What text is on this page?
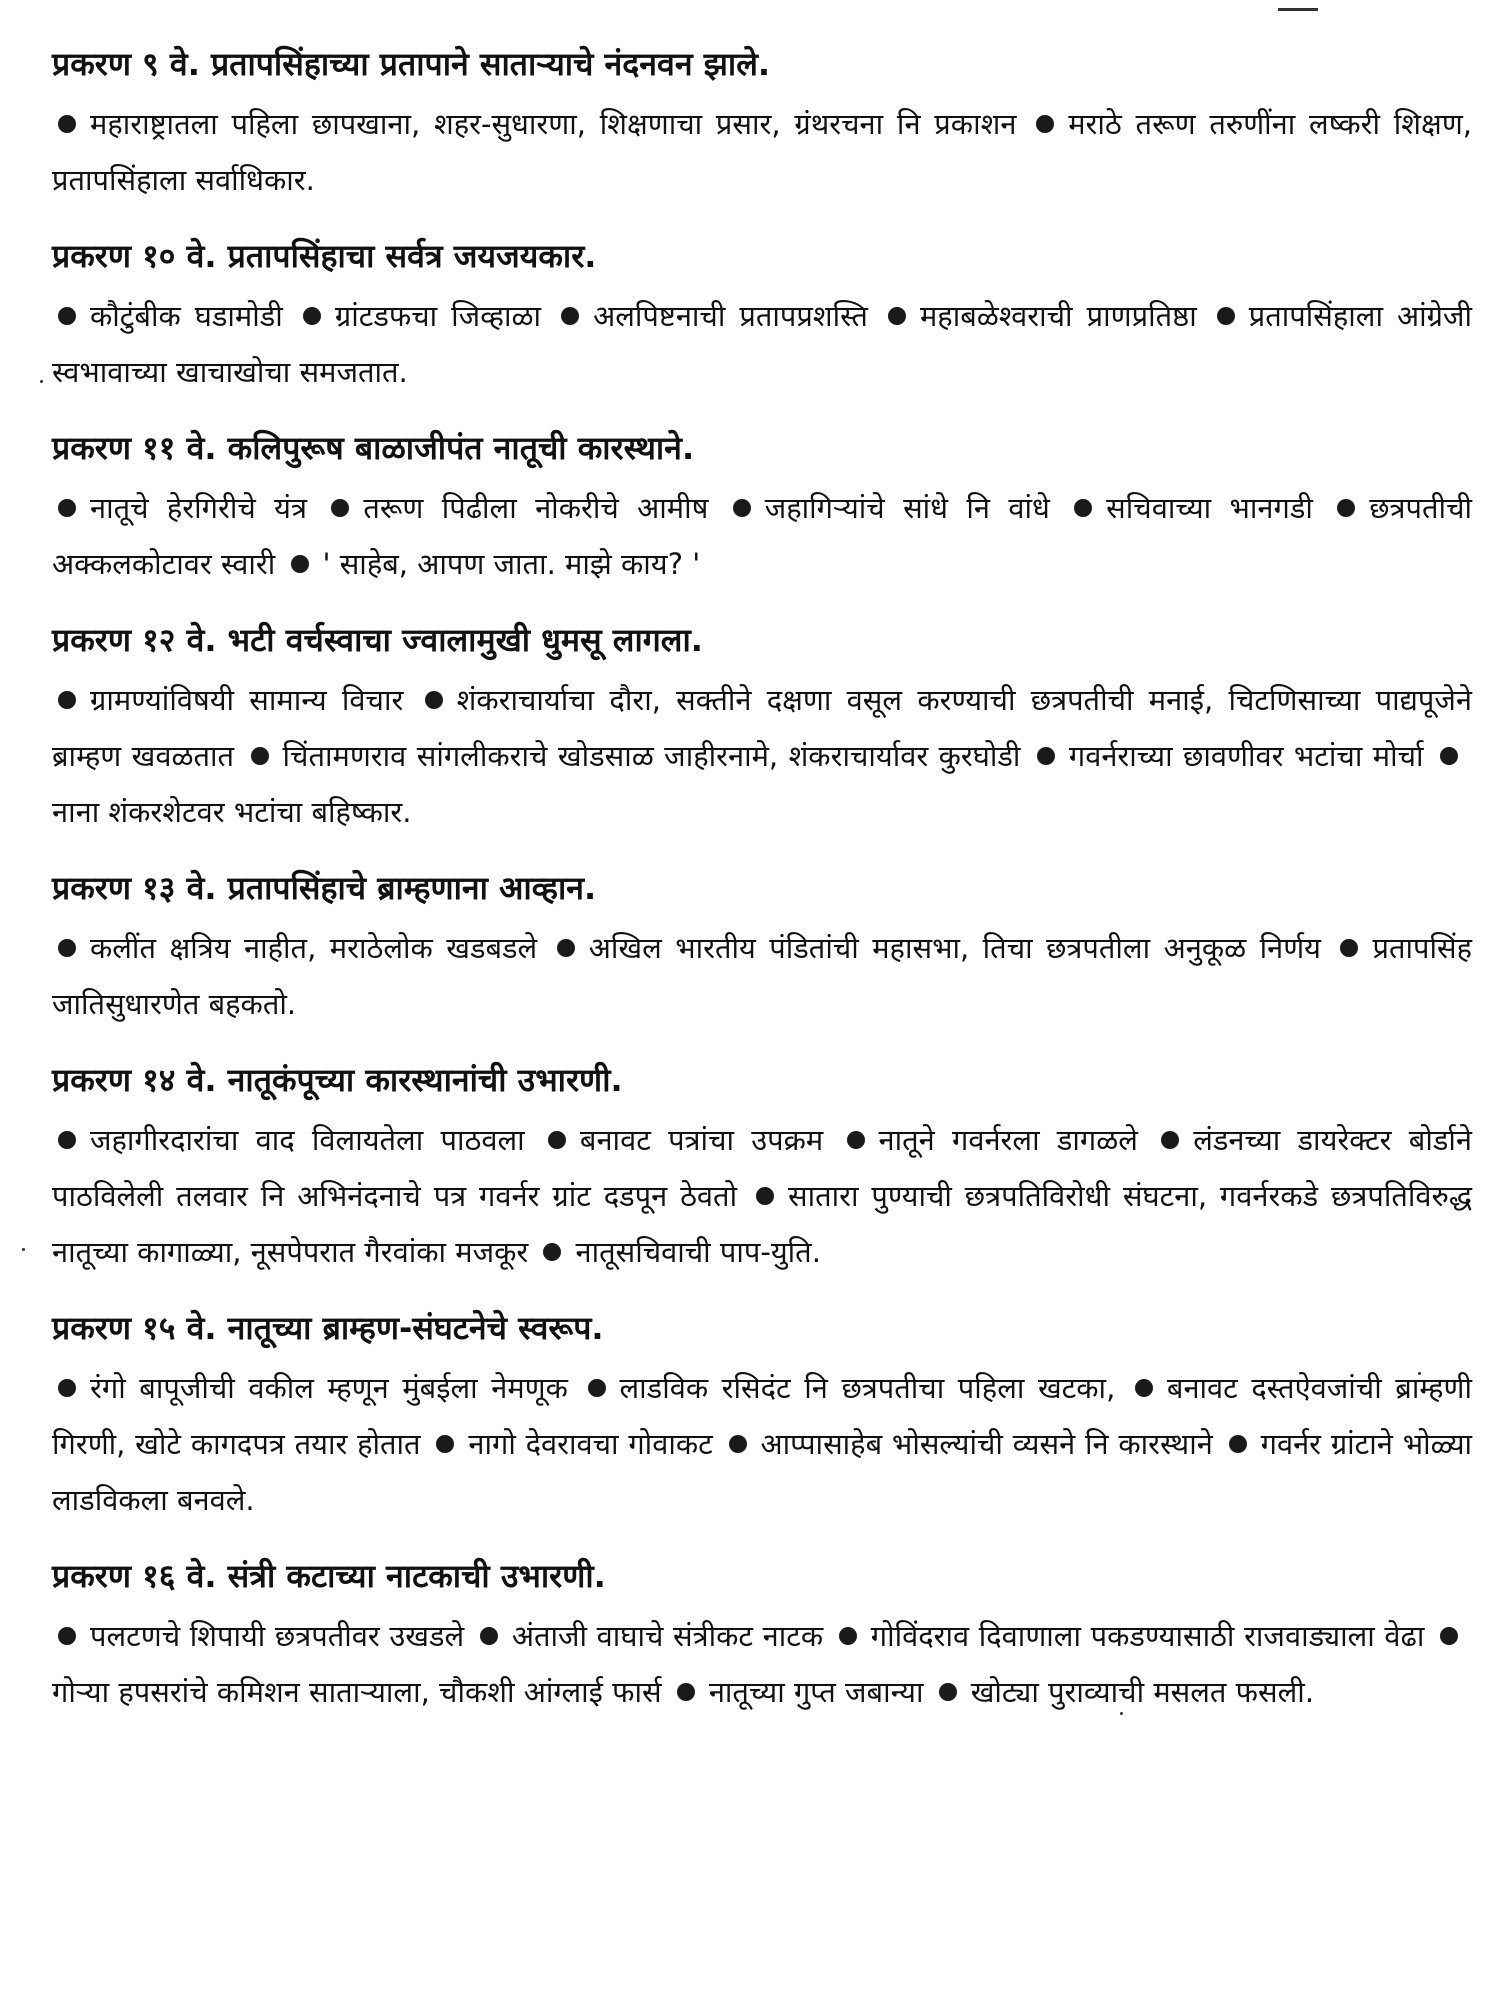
प्रकरण ९ वे. प्रतापसिंहाच्या प्रतापाने साताऱ्याचे नंदनवन झाले.

महाराष्ट्रातला पहिला छापखाना, शहर-सुधारणा, शिक्षणाचा प्रसार, ग्रंथरचना नि प्रकाशन मराठे तरूण तरुणींना लष्करी शिक्षण, प्रतापसिंहाला सर्वाधिकार.

प्रकरण १० वे. प्रतापसिंहाचा सर्वत्र जयजयकार.

कौटुंबीक घडामोडी ग्रांटडफचा जिव्हाळा अलपिष्टनाची प्रतापप्रशस्ति महाबळेश्वराची प्राणप्रतिष्ठा प्रतापसिंहाला आंग्रेजी स्वभावाच्या खाचाखोचा समजतात.

प्रकरण ११ वे. कलिपुरूष बाळाजीपंत नातूची कारस्थाने.

नातूचे हेरगिरीचे यंत्र तरूण पिढीला नोकरीचे आमीष जहागिऱ्यांचे सांधे नि वांधे सचिवाच्या भानगडी छत्रपतीची अक्कलकोटावर स्वारी ' साहेब, आपण जाता. माझे काय? '

प्रकरण १२ वे. भटी वर्चस्वाचा ज्वालामुखी धुमसू लागला.

ग्रामण्यांविषयी सामान्य विचार शंकराचार्याचा दौरा, सक्तीने दक्षणा वसूल करण्याची छत्रपतीची मनाई, चिटणिसाच्या पाद्यपूजेने ब्राम्हण खवळतात चिंतामणराव सांगलीकराचे खोडसाळ जाहीरनामे, शंकराचार्यावर कुरघोडी गवर्नराच्या छावणीवर भटांचा मोर्चा नाना शंकरशेटवर भटांचा बहिष्कार.

प्रकरण १३ वे. प्रतापसिंहाचे ब्राम्हणाना आव्हान.

कलींत क्षत्रिय नाहीत, मराठेलोक खडबडले अखिल भारतीय पंडितांची महासभा, तिचा छत्रपतीला अनुकूळ निर्णय प्रतापसिंह जातिसुधारणेत बहकतो.

प्रकरण १४ वे. नातूकंपूच्या कारस्थानांची उभारणी.

जहागीरदारांचा वाद विलायतेला पाठवला बनावट पत्रांचा उपक्रम नातूने गवर्नरला डागळले लंडनच्या डायरेक्टर बोर्डाने पाठविलेली तलवार नि अभिनंदनाचे पत्र गवर्नर ग्रांट दडपून ठेवतो सातारा पुण्याची छत्रपतिविरोधी संघटना, गवर्नरकडे छत्रपतिविरुद्ध नातूच्या कागाळ्या, नूसपेपरात गैरवांका मजकूर नातूसचिवाची पाप-युति.

प्रकरण १५ वे. नातूच्या ब्राम्हण-संघटनेचे स्वरूप.

रंगो बापूजीची वकील म्हणून मुंबईला नेमणूक लाडविक रसिदंट नि छत्रपतीचा पहिला खटका, बनावट दस्तऐवजांची ब्राम्हणी गिरणी, खोटे कागदपत्र तयार होतात नागो देवरावचा गोवाकट आप्पासाहेब भोसल्यांची व्यसने नि कारस्थाने गवर्नर ग्रांटाने भोळ्या लाडविकला बनवले.

प्रकरण १६ वे. संत्री कटाच्या नाटकाची उभारणी.

पलटणचे शिपायी छत्रपतीवर उखडले अंताजी वाघाचे संत्रीकट नाटक गोविंदराव दिवाणाला पकडण्यासाठी राजवाड्याला वेढा गोऱ्या हपसरांचे कमिशन साताऱ्याला, चौकशी आंग्लाई फार्स नातूच्या गुप्त जबान्या खोट्या पुराव्याची मसलत फसली.
